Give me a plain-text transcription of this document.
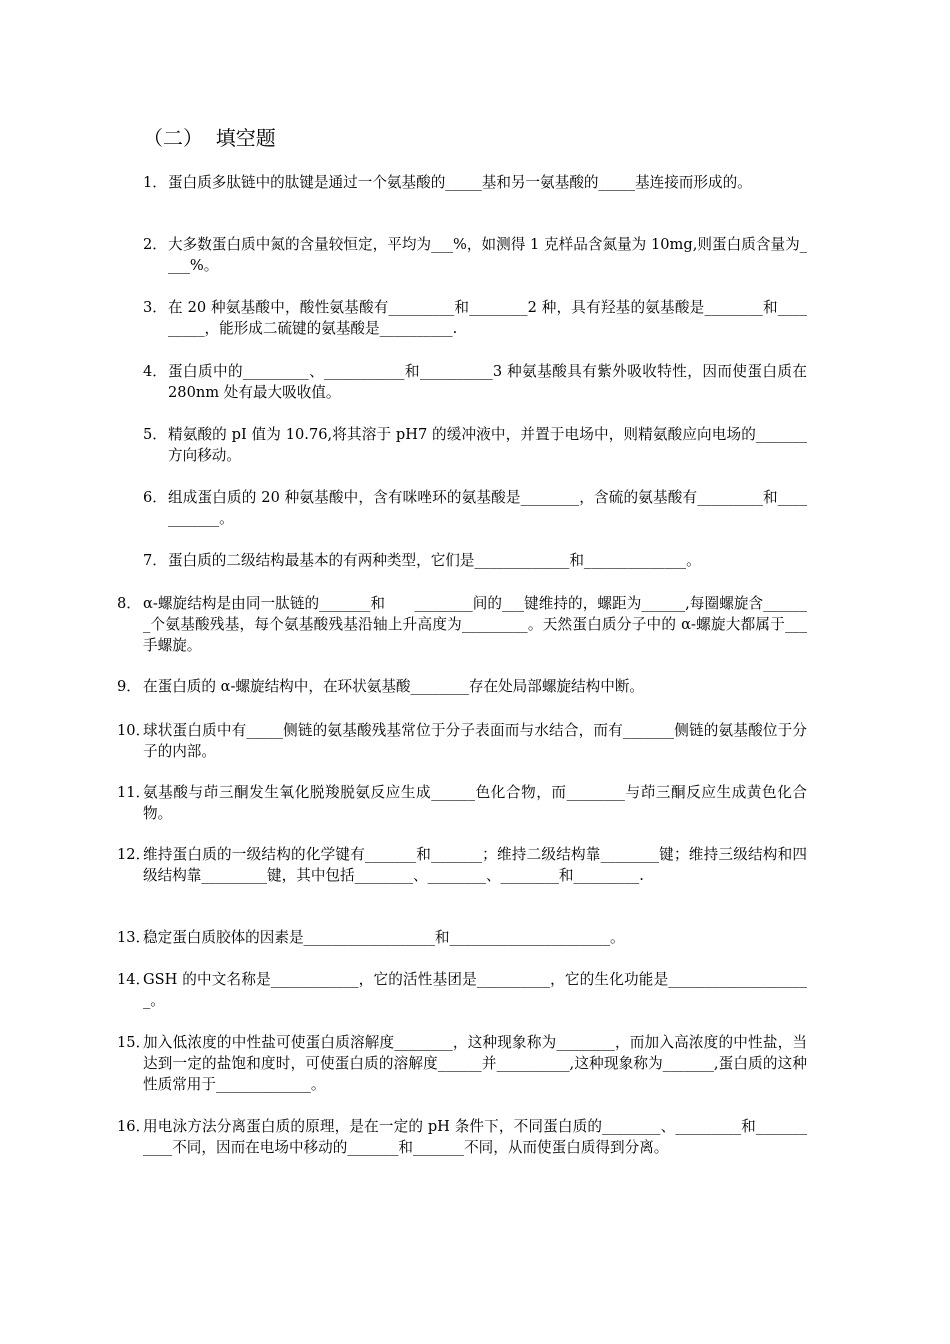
（二）  填空题
1． 蛋白质多肽链中的肽键是通过一个氨基酸的_____基和另一氨基酸的_____基连接而形成的。
2． 大多数蛋白质中氮的含量较恒定，平均为___%，如测得 1 克样品含氮量为 10mg,则蛋白质含量为____%。
3． 在 20 种氨基酸中，酸性氨基酸有_________和________2 种，具有羟基的氨基酸是________和_________，能形成二硫键的氨基酸是__________.
4． 蛋白质中的_________、___________和__________3 种氨基酸具有紫外吸收特性，因而使蛋白质在 280nm 处有最大吸收值。
5． 精氨酸的 pI 值为 10.76,将其溶于 pH7 的缓冲液中，并置于电场中，则精氨酸应向电场的_______方向移动。
6． 组成蛋白质的 20 种氨基酸中，含有咪唑环的氨基酸是________，含硫的氨基酸有_________和___________。
7． 蛋白质的二级结构最基本的有两种类型，它们是_____________和______________。
8． α-螺旋结构是由同一肽链的_______和　　________间的___键维持的，螺距为______,每圈螺旋含_______个氨基酸残基，每个氨基酸残基沿轴上升高度为_________。天然蛋白质分子中的 α-螺旋大都属于___手螺旋。
9． 在蛋白质的 α-螺旋结构中，在环状氨基酸________存在处局部螺旋结构中断。
10．
球状蛋白质中有_____侧链的氨基酸残基常位于分子表面而与水结合，而有_______侧链的氨基酸位于分子的内部。
11．
氨基酸与茚三酮发生氧化脱羧脱氨反应生成______色化合物，而________与茚三酮反应生成黄色化合物。
12．
维持蛋白质的一级结构的化学键有_______和_______；维持二级结构靠________键；维持三级结构和四级结构靠_________键，其中包括________、________、________和_________.
13．
稳定蛋白质胶体的因素是__________________和______________________。
14．
GSH 的中文名称是____________，它的活性基团是__________，它的生化功能是____________________。
15．
加入低浓度的中性盐可使蛋白质溶解度________，这种现象称为________，而加入高浓度的中性盐，当达到一定的盐饱和度时，可使蛋白质的溶解度______并__________,这种现象称为_______,蛋白质的这种性质常用于_____________。
16．
用电泳方法分离蛋白质的原理，是在一定的 pH 条件下，不同蛋白质的________、_________和___________不同，因而在电场中移动的_______和_______不同，从而使蛋白质得到分离。
